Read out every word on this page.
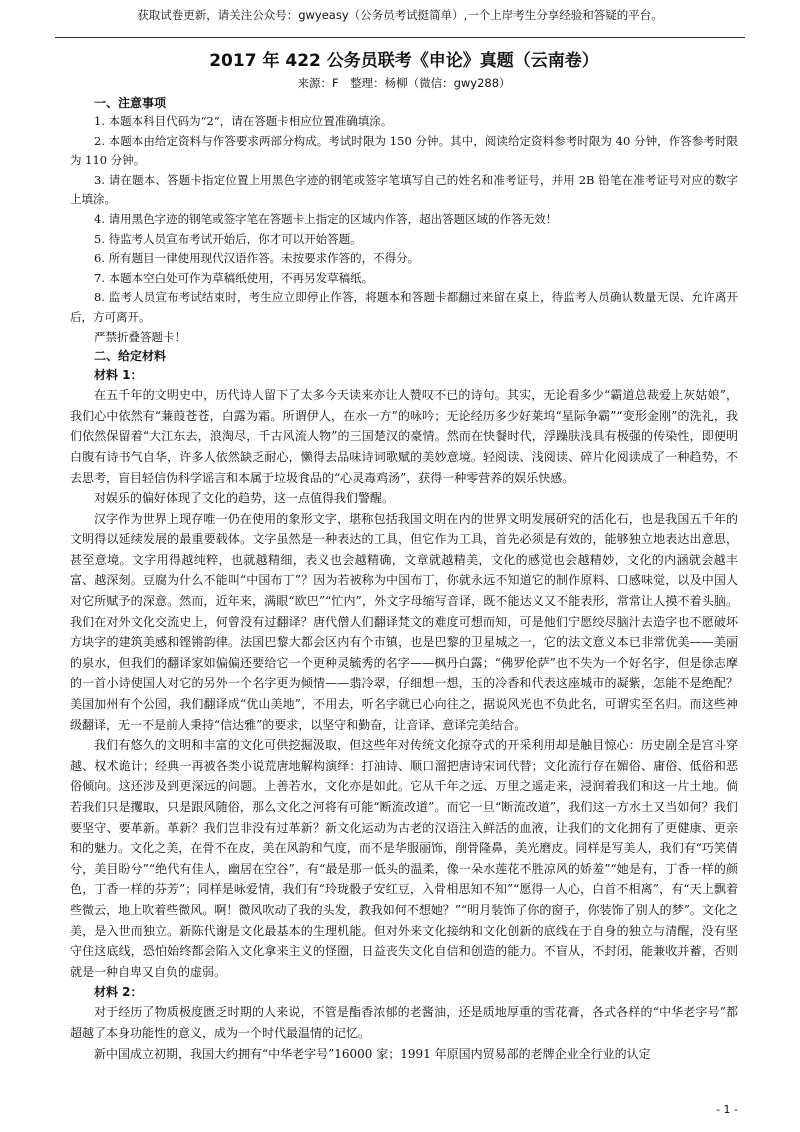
获取试卷更新，请关注公众号：gwyeasy（公务员考试挺简单）,一个上岸考生分享经验和答疑的平台。
2017 年 422 公务员联考《申论》真题（云南卷）
来源：F　整理：杨柳（微信：gwy288）
一、注意事项

1. 本题本科目代码为“2”，请在答题卡相应位置准确填涂。

2. 本题本由给定资料与作答要求两部分构成。考试时限为 150 分钟。其中，阅读给定资料参考时限为 40 分钟，作答参考时限为 110 分钟。

3. 请在题本、答题卡指定位置上用黑色字迹的钢笔或签字笔填写自己的姓名和准考证号，并用 2B 铅笔在准考证号对应的数字上填涂。

4. 请用黑色字迹的钢笔或签字笔在答题卡上指定的区域内作答，超出答题区域的作答无效！

5. 待监考人员宣布考试开始后，你才可以开始答题。

6. 所有题目一律使用现代汉语作答。未按要求作答的，不得分。

7. 本题本空白处可作为草稿纸使用，不再另发草稿纸。

8. 监考人员宣布考试结束时，考生应立即停止作答，将题本和答题卡都翻过来留在桌上，待监考人员确认数量无误、允许离开后，方可离开。

严禁折叠答题卡！

二、给定材料
材料 1：

在五千年的文明史中，历代诗人留下了太多今天读来亦让人赞叹不已的诗句。其实，无论看多少“霸道总裁爱上灰姑娘”，我们心中依然有“蒹葭苍苍，白露为霜。所谓伊人，在水一方”的咏吟；无论经历多少好莱坞“星际争霸”“变形金刚”的洗礼，我们依然保留着“大江东去，浪淘尽，千古风流人物”的三国楚汉的豪情。然而在快餐时代，浮躁肤浅具有极强的传染性，即便明白腹有诗书气自华，许多人依然缺乏耐心，懒得去品味诗词歌赋的美妙意境。轻阅读、浅阅读、碎片化阅读成了一种趋势，不去思考，盲目轻信伪科学谣言和本属于垃圾食品的“心灵毒鸡汤”，获得一种零营养的娱乐快感。

对娱乐的偏好体现了文化的趋势，这一点值得我们警醒。

汉字作为世界上现存唯一仍在使用的象形文字，堪称包括我国文明在内的世界文明发展研究的活化石，也是我国五千年的文明得以延续发展的最重要载体。文字虽然是一种表达的工具，但它作为工具，首先必须是有效的，能够独立地表达出意思，甚至意境。文字用得越纯粹，也就越精细，表义也会越精确，文章就越精美，文化的感觉也会越精妙，文化的内涵就会越丰富、越深刻。豆腐为什么不能叫“中国布丁”？因为若被称为中国布丁，你就永远不知道它的制作原料、口感味觉，以及中国人对它所赋予的深意。然而，近年来，满眼“欧巴”“忙内”，外文字母缩写音译，既不能达义又不能表形，常常让人摸不着头脑。我们在对外文化交流史上，何曾没有过翻译？唐代僧人们翻译梵文的难度可想而知，可是他们宁愿绞尽脑汁去造字也不愿破坏方块字的建筑美感和铿锵韵律。法国巴黎大都会区内有个市镇，也是巴黎的卫星城之一，它的法文意义本已非常优美——美丽的泉水，但我们的翻译家如偏偏还要给它一个更种灵毓秀的名字——枫丹白露；“佛罗伦萨”也不失为一个好名字，但是徐志摩的一首小诗使国人对它的另外一个名字更为倾情——翡冷翠，仔细想一想，玉的冷香和代表这座城市的凝紫，怎能不是绝配？美国加州有个公园，我们翻译成“优山美地”，不用去，听名字就已心向往之，据说风光也不负此名，可谓实至名归。而这些神级翻译，无一不是前人秉持“信达雅”的要求，以坚守和勤奋，让音译、意译完美结合。

我们有悠久的文明和丰富的文化可供挖掘汲取，但这些年对传统文化掠夺式的开采利用却是触目惊心：历史剧全是宫斗穿越、权术诡计；经典一再被各类小说荒唐地解构演绎：打油诗、顺口溜把唐诗宋词代替；文化流行存在媚俗、庸俗、低俗和恶俗倾向。这还涉及到更深远的问题。上善若水，文化亦是如此。它从千年之远、万里之遥走来，浸润着我们和这一片土地。倘若我们只是攫取，只是跟风随俗，那么文化之河将有可能“断流改道”。而它一旦“断流改道”，我们这一方水土又当如何？我们要坚守、要革新。革新？我们岂非没有过革新？新文化运动为古老的汉语注入鲜活的血液，让我们的文化拥有了更健康、更亲和的魅力。文化之美，在骨不在皮，美在风韵和气度，而不是华服丽饰，削骨隆鼻，美光磨皮。同样是写美人，我们有“巧笑倩兮，美目盼兮”“绝代有佳人，幽居在空谷”，有“最是那一低头的温柔，像一朵水莲花不胜凉风的娇羞”“她是有，丁香一样的颜色，丁香一样的芬芳”；同样是咏爱情，我们有“玲珑骰子安红豆，入骨相思知不知”“愿得一人心，白首不相离”，有“天上飘着些微云，地上吹着些微风。啊！微风吹动了我的头发，教我如何不想她？”“明月装饰了你的窗子，你装饰了别人的梦”。文化之美，是入世而独立。新陈代谢是文化最基本的生理机能。但对外来文化接纳和文化创新的底线在于自身的独立与清醒，没有坚守住这底线，恐怕始终都会陷入文化拿来主义的怪圈，日益丧失文化自信和创造的能力。不盲从，不封闭，能兼收并蓄，否则就是一种自卑又自负的虚弱。

材料 2：

对于经历了物质极度匮乏时期的人来说，不管是酯香浓郁的老酱油，还是质地厚重的雪花膏，各式各样的“中华老字号”都超越了本身功能性的意义，成为一个时代最温情的记忆。

新中国成立初期，我国大约拥有“中华老字号”16000 家；1991 年原国内贸易部的老牌企业全行业的认定

- 1 -
